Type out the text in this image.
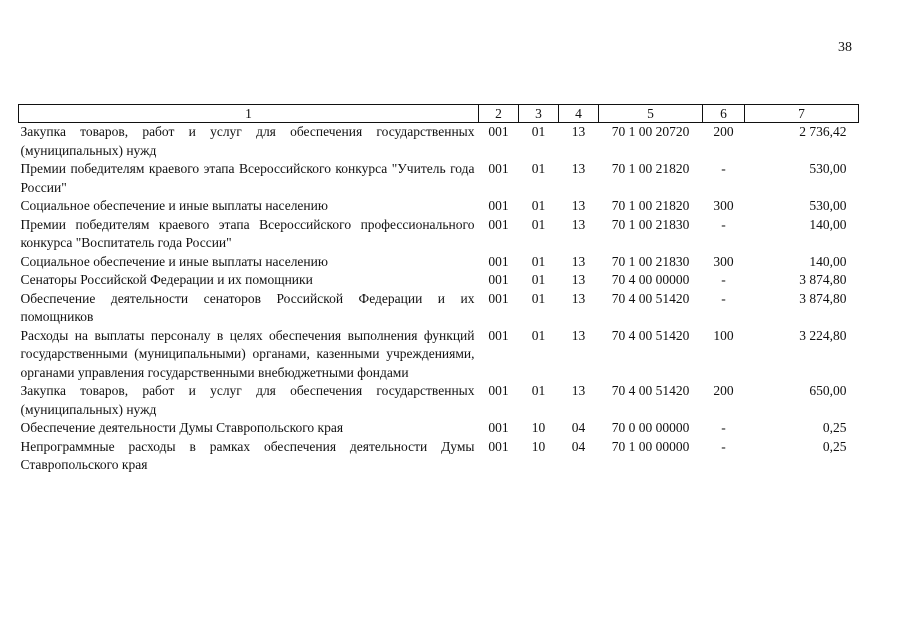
38
1	2	3	4	5	6	7
Закупка товаров, работ и услуг для обеспечения государственных (муниципальных) нужд	001	01	13	70 1 00 20720	200	2 736,42
Премии победителям краевого этапа Всероссийского конкурса "Учитель года России"	001	01	13	70 1 00 21820	-	530,00
Социальное обеспечение и иные выплаты населению	001	01	13	70 1 00 21820	300	530,00
Премии победителям краевого этапа Всероссийского профессионального конкурса "Воспитатель года России"	001	01	13	70 1 00 21830	-	140,00
Социальное обеспечение и иные выплаты населению	001	01	13	70 1 00 21830	300	140,00
Сенаторы Российской Федерации и их помощники	001	01	13	70 4 00 00000	-	3 874,80
Обеспечение деятельности сенаторов Российской Федерации и их помощников	001	01	13	70 4 00 51420	-	3 874,80
Расходы на выплаты персоналу в целях обеспечения выполнения функций государственными (муниципальными) органами, казенными учреждениями, органами управления государственными внебюджетными фондами	001	01	13	70 4 00 51420	100	3 224,80
Закупка товаров, работ и услуг для обеспечения государственных (муниципальных) нужд	001	01	13	70 4 00 51420	200	650,00
Обеспечение деятельности Думы Ставропольского края	001	10	04	70 0 00 00000	-	0,25
Непрограммные расходы в рамках обеспечения деятельности Думы Ставропольского края	001	10	04	70 1 00 00000	-	0,25
